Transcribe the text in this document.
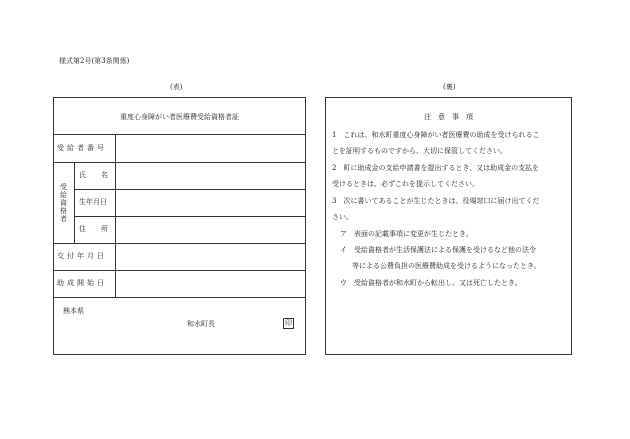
様式第2号(第3条関係)
(表)	(裏)
重度心身障がい者医療費受給資格者証
受給者番号
受給資格者
氏　名
生年月日
住　所
交付年月日
助成開始日
熊本県
和水町長	印
注　意　事　項
1　これは、和水町重度心身障がい者医療費の助成を受けられるこ
とを証明するものですから、大切に保管してください。
2　町に助成金の支給申請書を提出するとき、又は助成金の支払を
受けるときは、必ずこれを提示してください。
3　次に書いてあることが生じたときは、役場窓口に届け出てくだ
さい。
ア　表面の記載事項に変更が生じたとき。
イ　受給資格者が生活保護法による保護を受けるなど他の法令
等による公費負担の医療費助成を受けるようになったとき。
ウ　受給資格者が和水町から転出し、又は死亡したとき。
